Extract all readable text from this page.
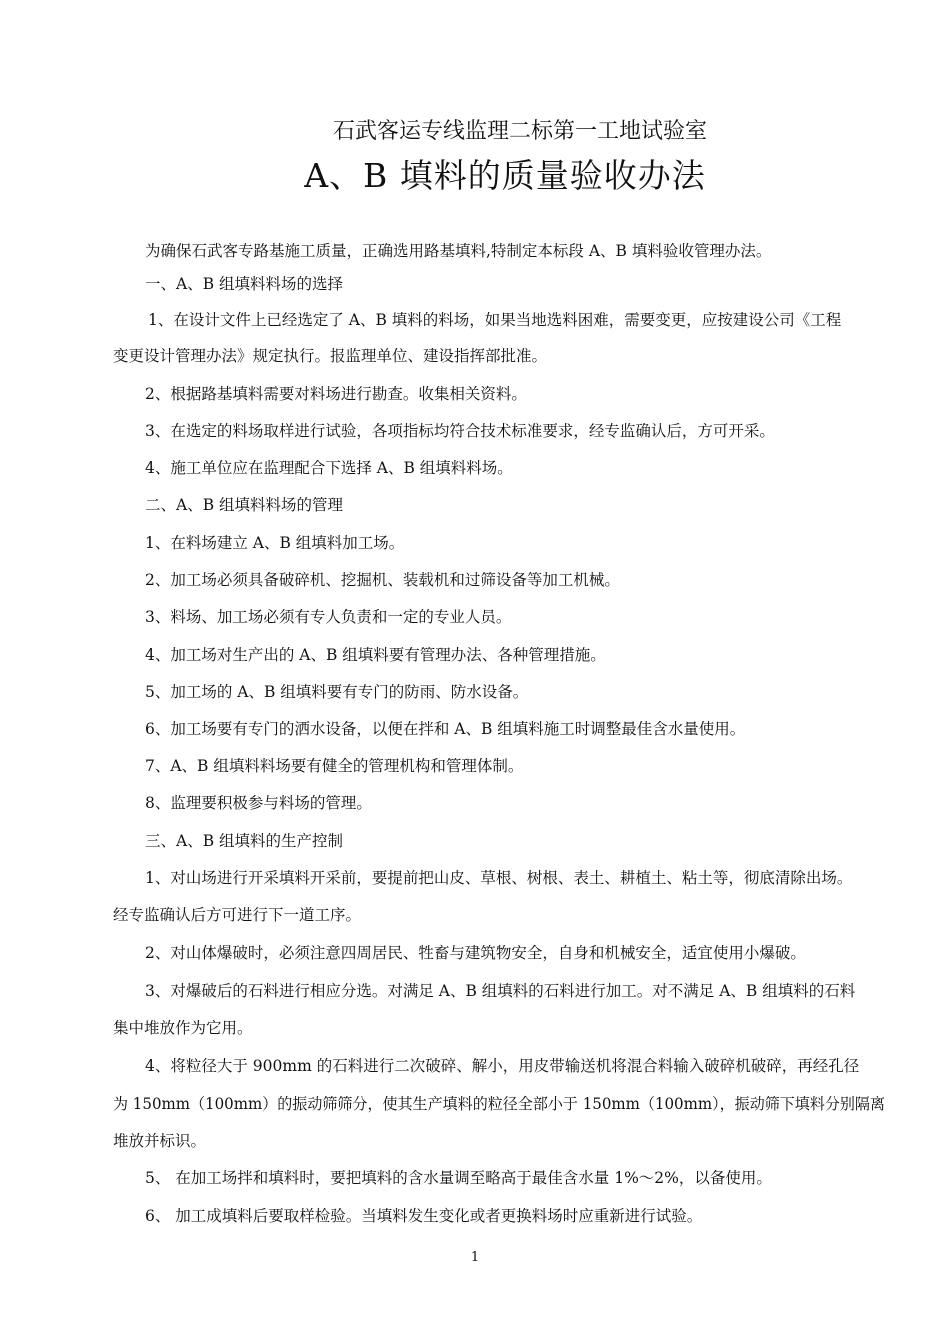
石武客运专线监理二标第一工地试验室
A、B 填料的质量验收办法
为确保石武客专路基施工质量，正确选用路基填料,特制定本标段 A、B 填料验收管理办法。
一、A、B 组填料料场的选择
1、在设计文件上已经选定了 A、B 填料的料场，如果当地选料困难，需要变更，应按建设公司《工程
变更设计管理办法》规定执行。报监理单位、建设指挥部批准。
2、根据路基填料需要对料场进行勘查。收集相关资料。
3、在选定的料场取样进行试验，各项指标均符合技术标准要求，经专监确认后，方可开采。
4、施工单位应在监理配合下选择 A、B 组填料料场。
二、A、B 组填料料场的管理
1、在料场建立 A、B 组填料加工场。
2、加工场必须具备破碎机、挖掘机、装载机和过筛设备等加工机械。
3、料场、加工场必须有专人负责和一定的专业人员。
4、加工场对生产出的 A、B 组填料要有管理办法、各种管理措施。
5、加工场的 A、B 组填料要有专门的防雨、防水设备。
6、加工场要有专门的洒水设备，以便在拌和 A、B 组填料施工时调整最佳含水量使用。
7、A、B 组填料料场要有健全的管理机构和管理体制。
8、监理要积极参与料场的管理。
三、A、B 组填料的生产控制
1、对山场进行开采填料开采前，要提前把山皮、草根、树根、表土、耕植土、粘土等，彻底清除出场。
经专监确认后方可进行下一道工序。
2、对山体爆破时，必须注意四周居民、牲畜与建筑物安全，自身和机械安全，适宜使用小爆破。
3、对爆破后的石料进行相应分选。对满足 A、B 组填料的石料进行加工。对不满足 A、B 组填料的石料
集中堆放作为它用。
4、将粒径大于 900mm 的石料进行二次破碎、解小，用皮带输送机将混合料输入破碎机破碎，再经孔径
为 150mm（100mm）的振动筛筛分，使其生产填料的粒径全部小于 150mm（100mm），振动筛下填料分别隔离
堆放并标识。
5、 在加工场拌和填料时，要把填料的含水量调至略高于最佳含水量 1%～2%，以备使用。
6、 加工成填料后要取样检验。当填料发生变化或者更换料场时应重新进行试验。
1
